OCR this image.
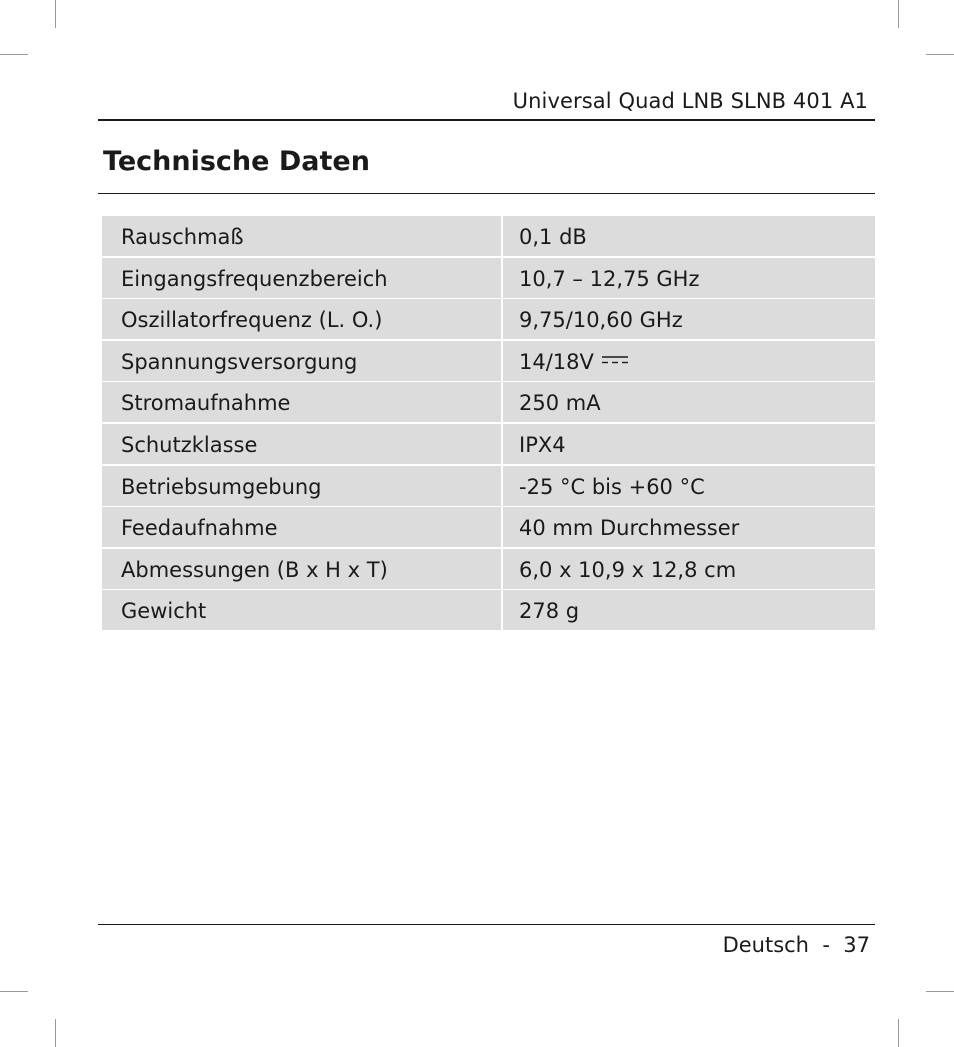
Universal Quad LNB SLNB 401 A1
Technische Daten
Rauschmaß	0,1 dB
Eingangsfrequenzbereich	10,7 – 12,75 GHz
Oszillatorfrequenz (L. O.)	9,75/10,60 GHz
Spannungsversorgung	14/18V
Stromaufnahme	250 mA
Schutzklasse	IPX4
Betriebsumgebung	-25 °C bis +60 °C
Feedaufnahme	40 mm Durchmesser
Abmessungen (B x H x T)	6,0 x 10,9 x 12,8 cm
Gewicht	278 g
Deutsch  -  37
